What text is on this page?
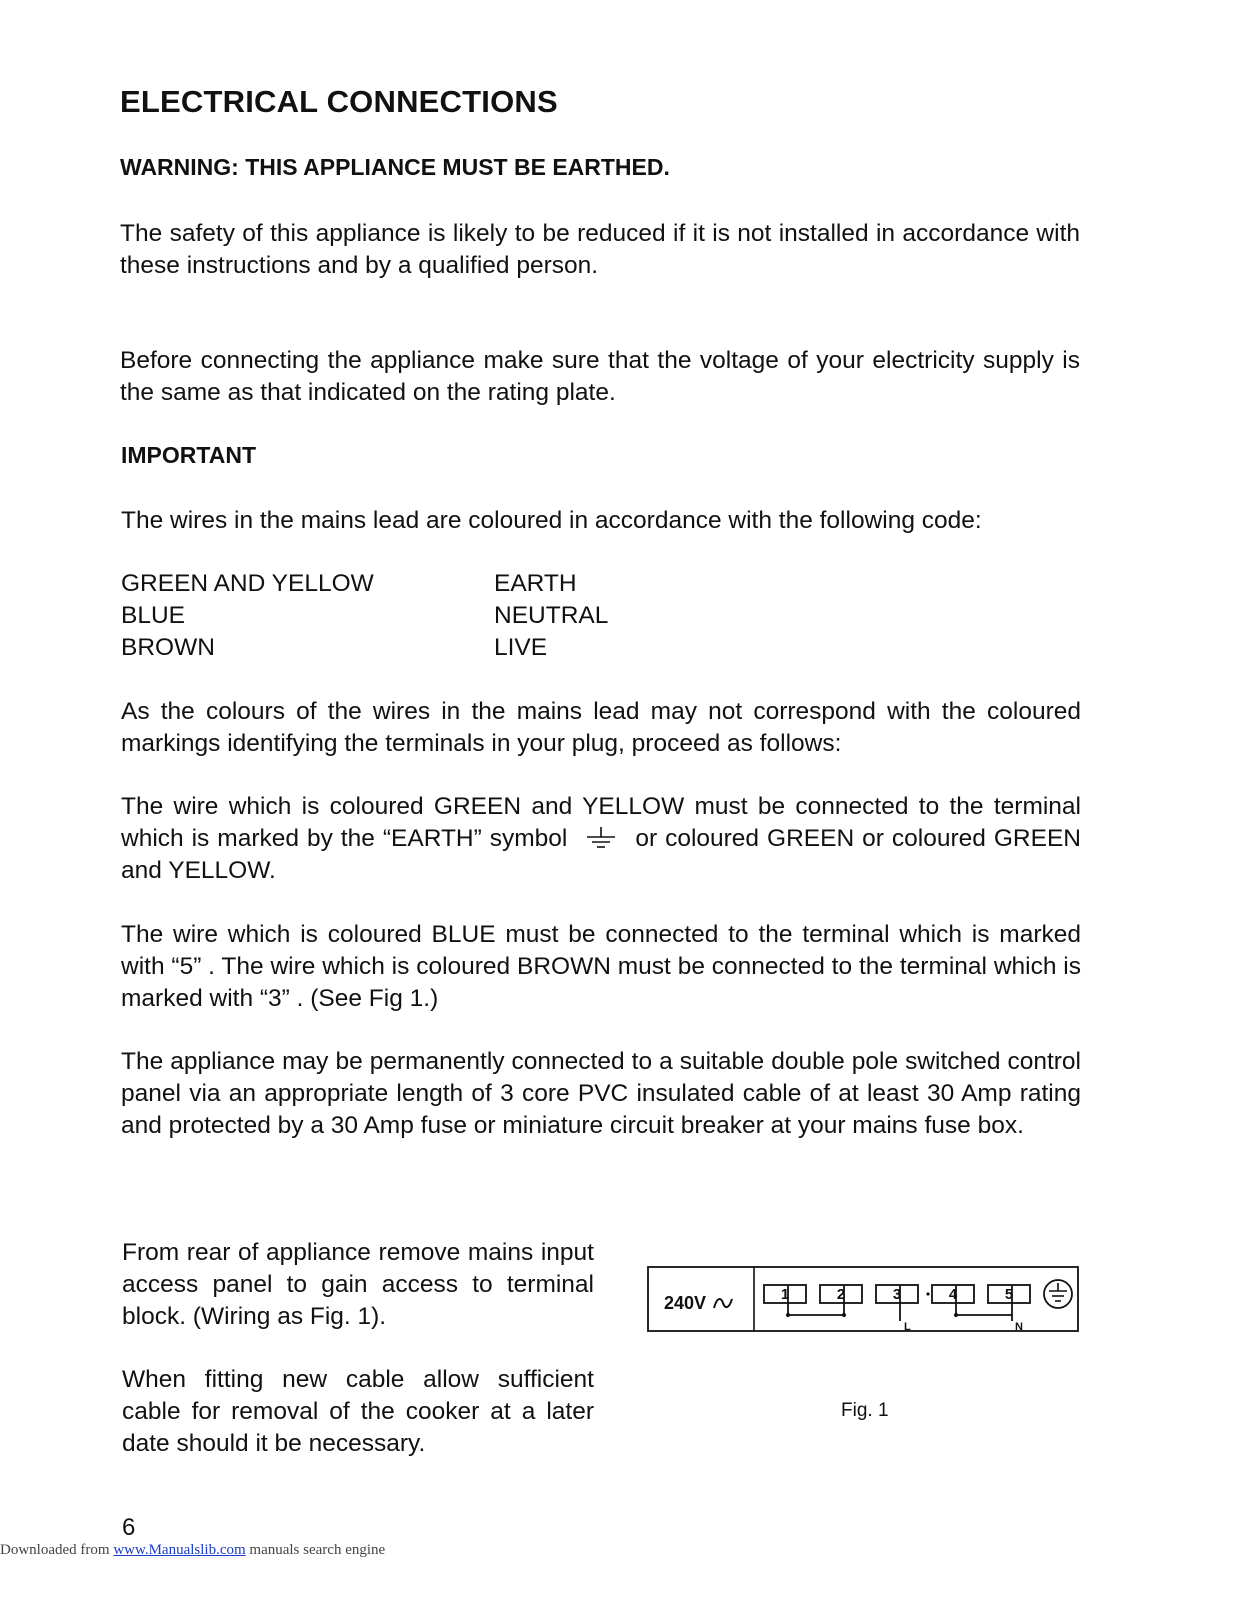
ELECTRICAL CONNECTIONS
WARNING: THIS APPLIANCE MUST BE EARTHED.
The safety of this appliance is likely to be reduced if it is not installed in accordance with these instructions and by a qualified person.
Before connecting the appliance make sure that the voltage of your electricity supply is the same as that indicated on the rating plate.
IMPORTANT
The wires in the mains lead are coloured in accordance with the following code:
GREEN AND YELLOW	EARTH
BLUE	NEUTRAL
BROWN	LIVE
As the colours of the wires in the mains lead may not correspond with the coloured markings identifying the terminals in your plug, proceed as follows:
The wire which is coloured GREEN and YELLOW must be connected to the terminal which is marked by the “EARTH” symbol	or coloured GREEN or coloured GREEN and YELLOW.
The wire which is coloured BLUE must be connected to the terminal which is marked with “5” . The wire which is coloured BROWN must be connected to the terminal which is marked with “3” . (See Fig 1.)
The appliance may be permanently connected to a suitable double pole switched control panel via an appropriate length of 3 core PVC insulated cable of at least 30 Amp rating and protected by a 30 Amp fuse or miniature circuit breaker at your mains fuse box.
From rear of appliance remove mains input access panel to gain access to terminal block. (Wiring as Fig. 1).
When fitting new cable allow sufficient cable for removal of the cooker at a later date should it be necessary.
240V	1	2	3	4	5
L	N
Fig. 1
6
Downloaded from www.Manualslib.com manuals search engine
